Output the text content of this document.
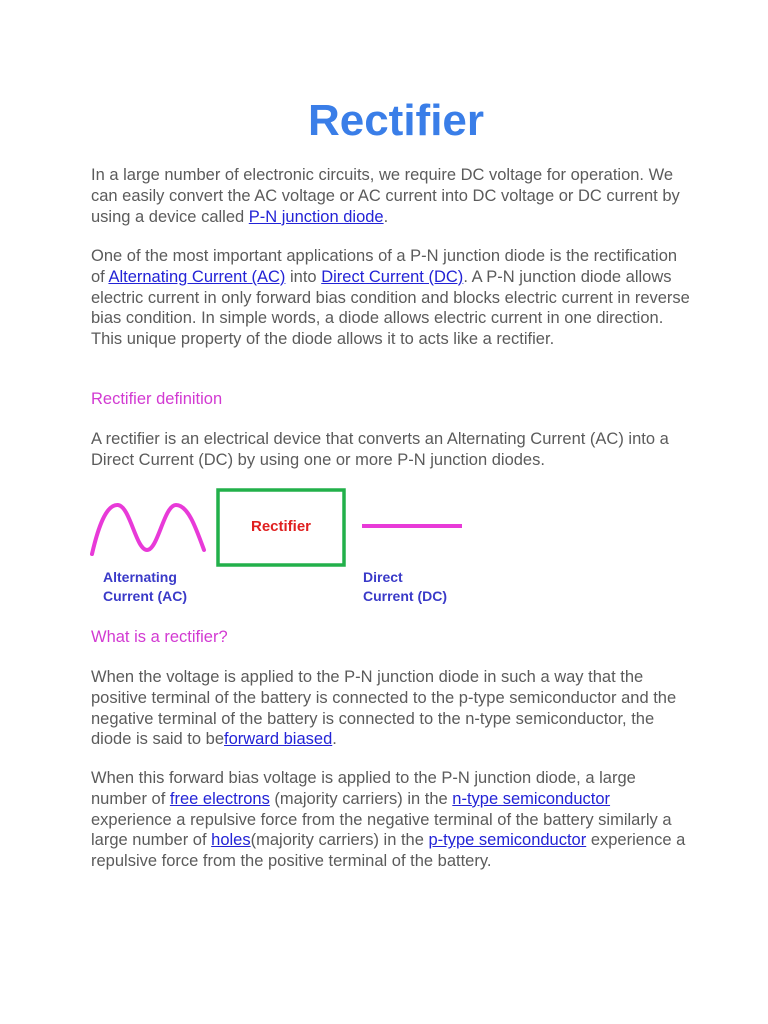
Rectifier

In a large number of electronic circuits, we require DC voltage for operation. We can easily convert the AC voltage or AC current into DC voltage or DC current by using a device called P-N junction diode.

One of the most important applications of a P-N junction diode is the rectification of Alternating Current (AC) into Direct Current (DC). A P-N junction diode allows electric current in only forward bias condition and blocks electric current in reverse bias condition. In simple words, a diode allows electric current in one direction. This unique property of the diode allows it to acts like a rectifier.

Rectifier definition

A rectifier is an electrical device that converts an Alternating Current (AC) into a Direct Current (DC) by using one or more P-N junction diodes.

Rectifier

Alternating
Current (AC)

Direct
Current (DC)

What is a rectifier?

When the voltage is applied to the P-N junction diode in such a way that the positive terminal of the battery is connected to the p-type semiconductor and the negative terminal of the battery is connected to the n-type semiconductor, the diode is said to beforward biased.

When this forward bias voltage is applied to the P-N junction diode, a large number of free electrons (majority carriers) in the n-type semiconductor experience a repulsive force from the negative terminal of the battery similarly a large number of holes(majority carriers) in the p-type semiconductor experience a repulsive force from the positive terminal of the battery.
